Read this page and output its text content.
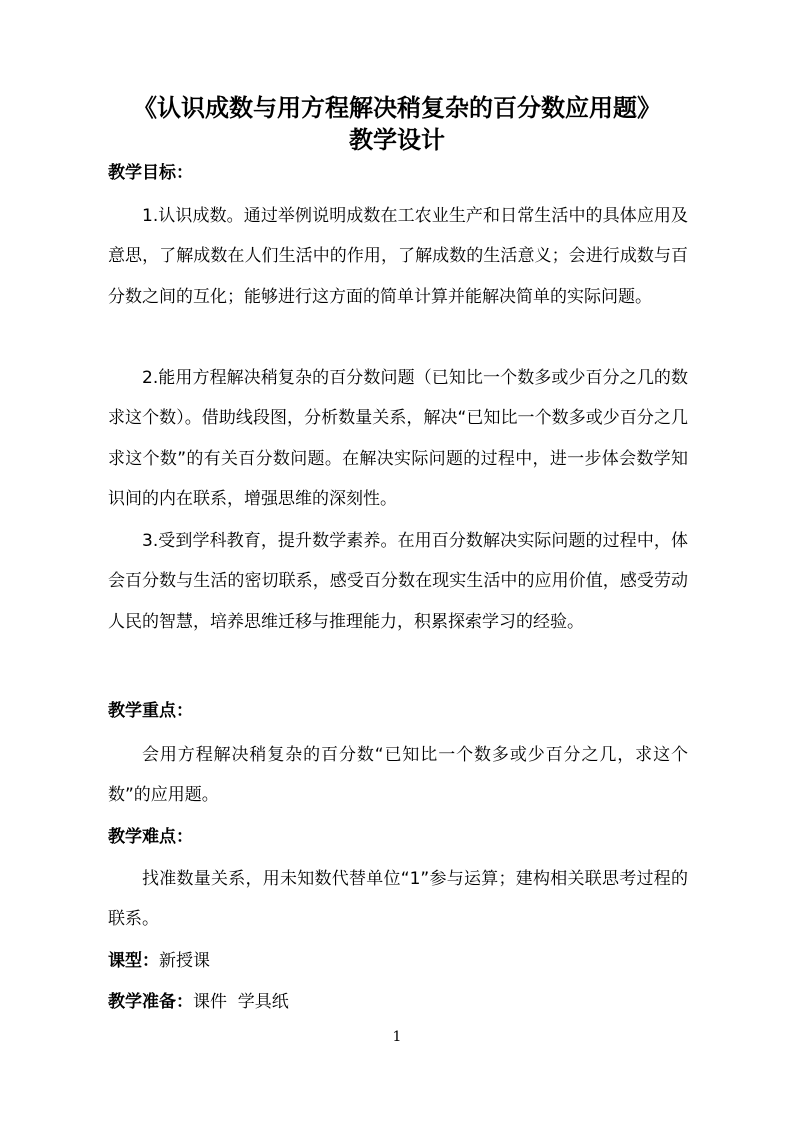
《认识成数与用方程解决稍复杂的百分数应用题》
教学设计
教学目标：
1.认识成数。通过举例说明成数在工农业生产和日常生活中的具体应用及意思，了解成数在人们生活中的作用，了解成数的生活意义；会进行成数与百分数之间的互化；能够进行这方面的简单计算并能解决简单的实际问题。
2.能用方程解决稍复杂的百分数问题（已知比一个数多或少百分之几的数求这个数）。借助线段图，分析数量关系，解决“已知比一个数多或少百分之几求这个数”的有关百分数问题。在解决实际问题的过程中，进一步体会数学知识间的内在联系，增强思维的深刻性。
3.受到学科教育，提升数学素养。在用百分数解决实际问题的过程中，体会百分数与生活的密切联系，感受百分数在现实生活中的应用价值，感受劳动人民的智慧，培养思维迁移与推理能力，积累探索学习的经验。
教学重点：
会用方程解决稍复杂的百分数“已知比一个数多或少百分之几，求这个数”的应用题。
教学难点：
找准数量关系，用未知数代替单位“1”参与运算；建构相关联思考过程的联系。
课型：新授课
教学准备：课件  学具纸
1
